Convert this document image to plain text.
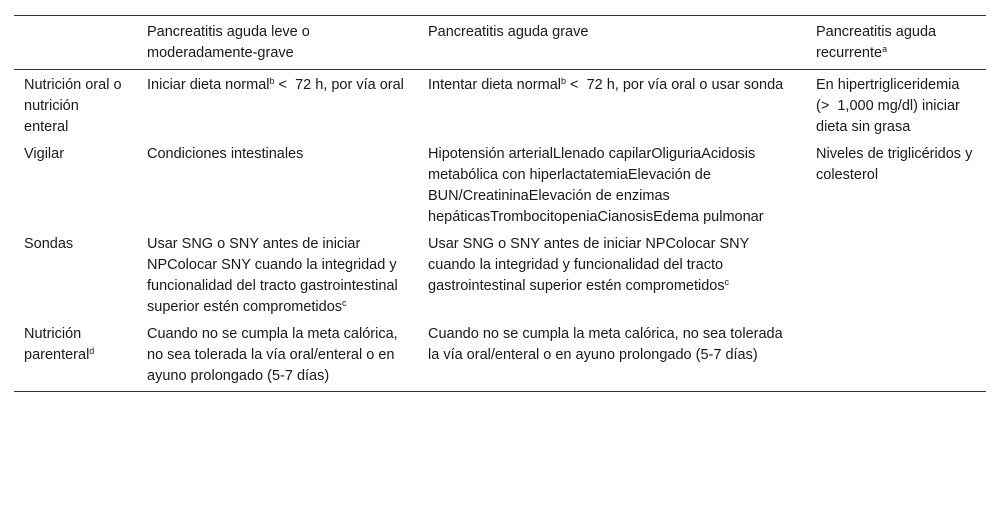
	Pancreatitis aguda leve o moderadamente-grave	Pancreatitis aguda grave	Pancreatitis aguda recurrente$^a$
Nutrición oral o nutrición enteral	Iniciar dieta normal$^b$ <  72 h, por vía oral	Intentar dieta normal$^b$ <  72 h, por vía oral o usar sonda	En hipertrigliceridemia (>  1,000 mg/dl) iniciar dieta sin grasa
Vigilar	Condiciones intestinales	Hipotensión arterialLlenado capilarOliguriaAcidosis metabólica con hiperlactatemiaElevación de BUN/CreatininaElevación de enzimas hepáticasTrombocitopeniaCianosisEdema pulmonar	Niveles de triglicéridos y colesterol
Sondas	Usar SNG o SNY antes de iniciar NPColocar SNY cuando la integridad y funcionalidad del tracto gastrointestinal superior estén comprometidos$^c$	Usar SNG o SNY antes de iniciar NPColocar SNY cuando la integridad y funcionalidad del tracto gastrointestinal superior estén comprometidos$^c$	
Nutrición parenteral$^d$	Cuando no se cumpla la meta calórica, no sea tolerada la vía oral/enteral o en ayuno prolongado (5-7 días)	Cuando no se cumpla la meta calórica, no sea tolerada la vía oral/enteral o en ayuno prolongado (5-7 días)	
